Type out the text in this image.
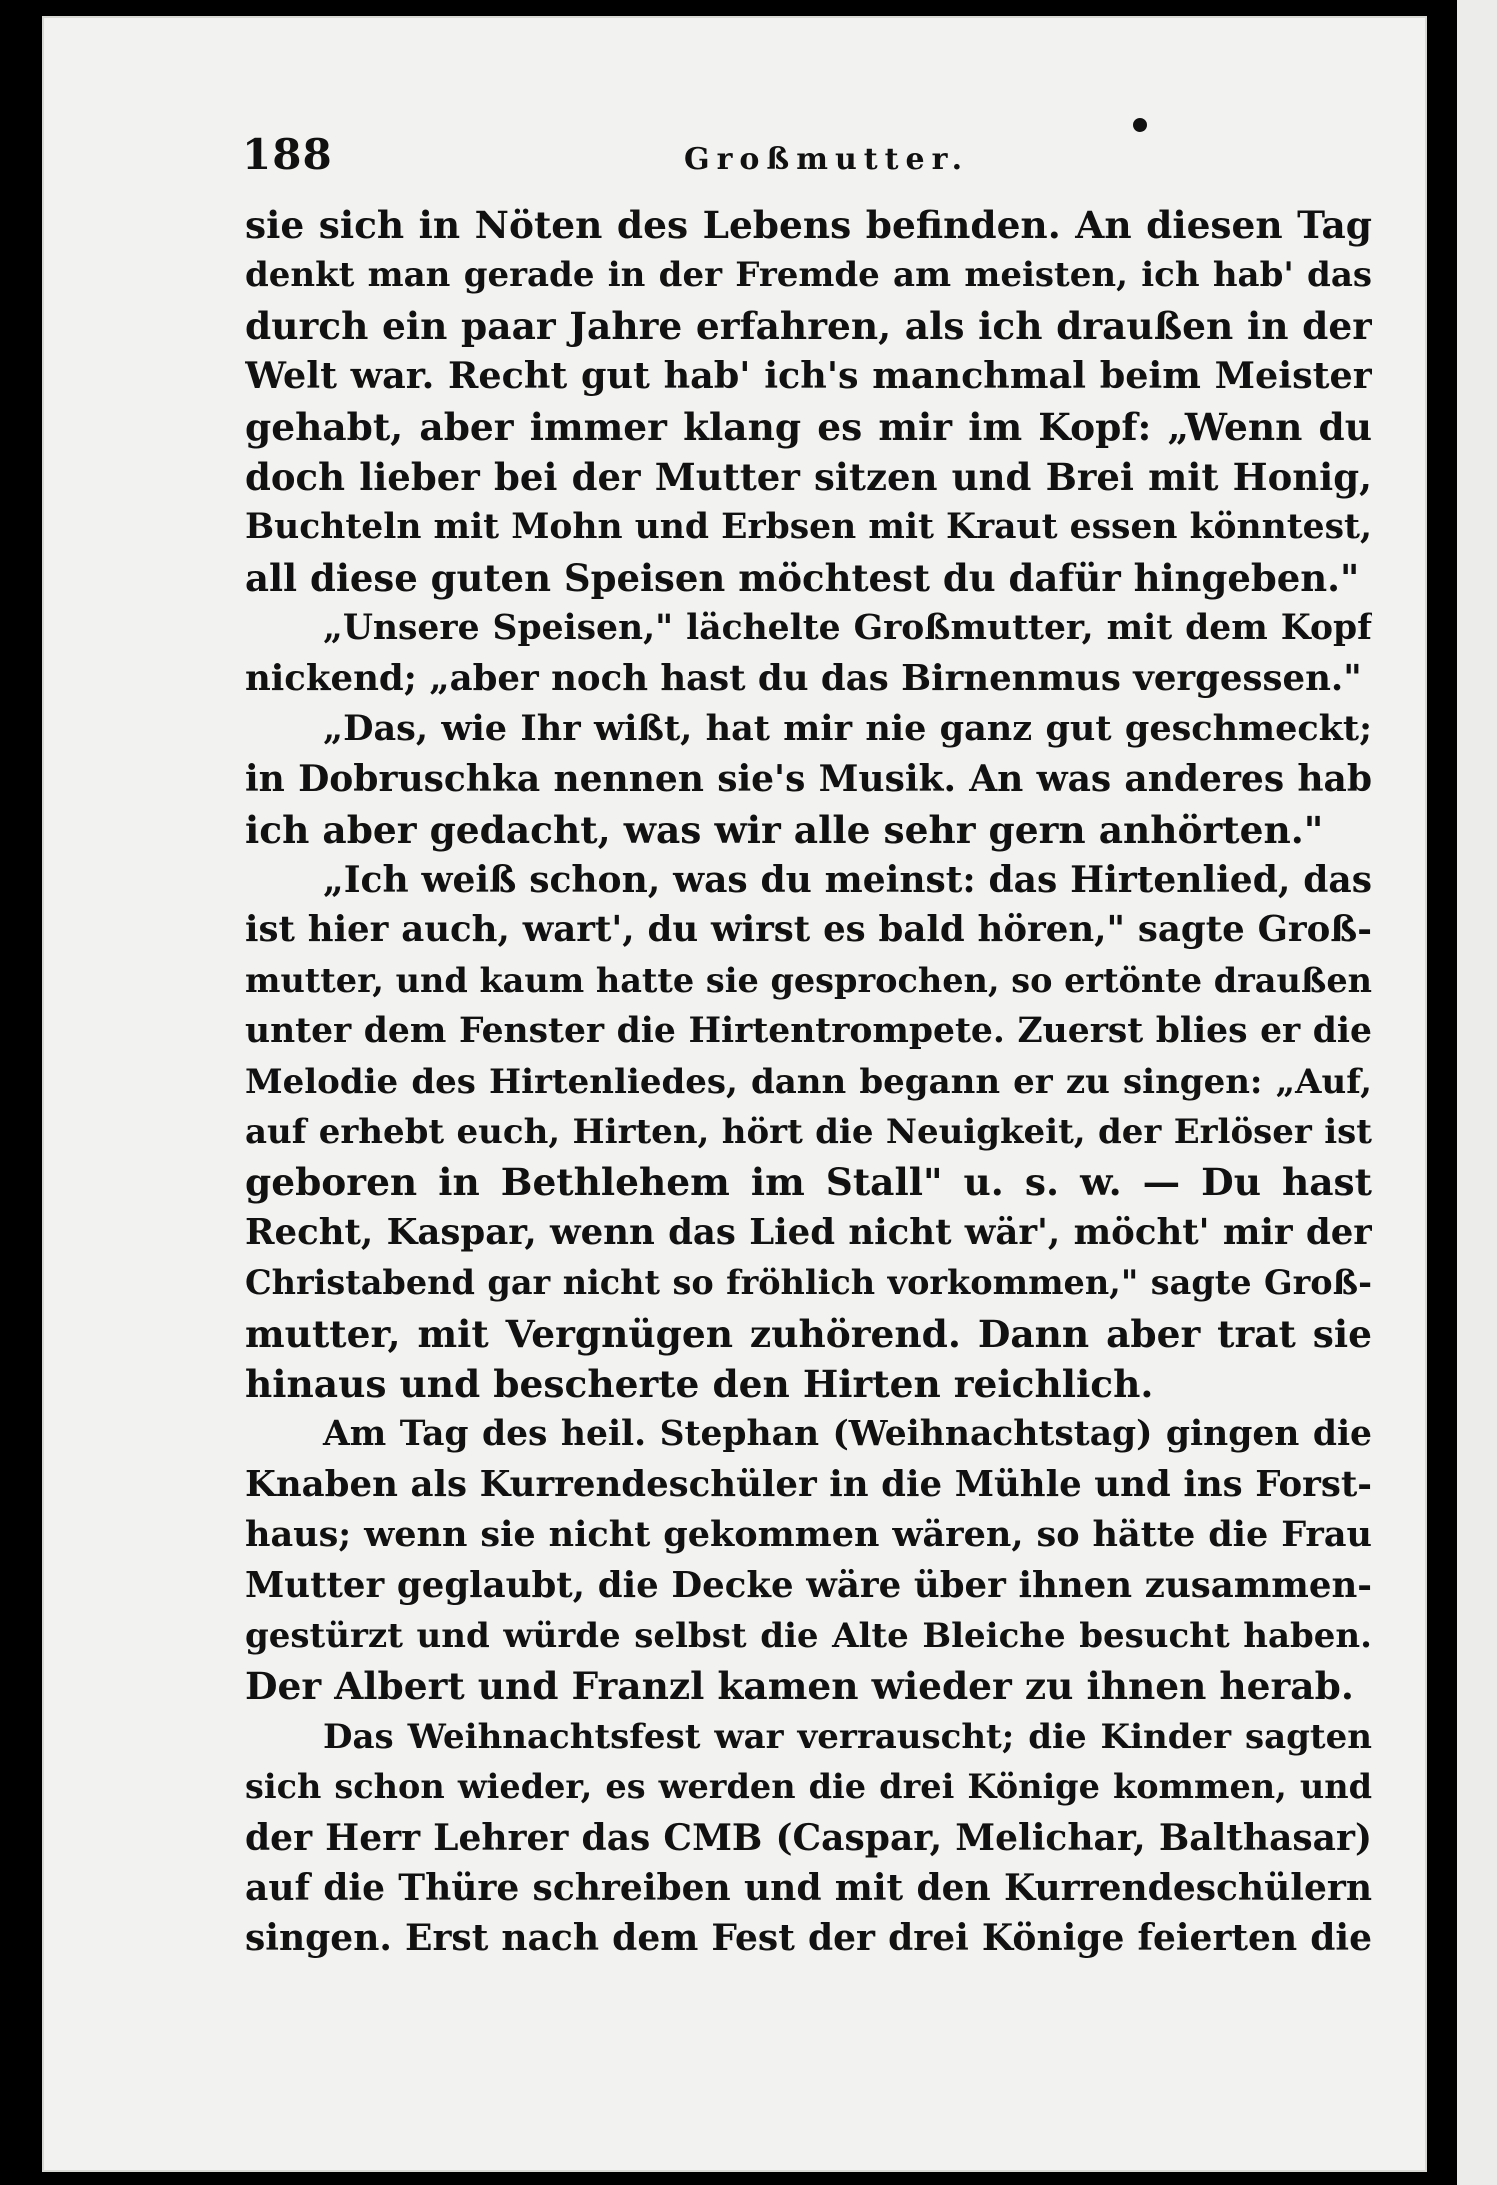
188	Großmutter.
sie sich in Nöten des Lebens befinden. An diesen Tag
denkt man gerade in der Fremde am meisten, ich hab' das
durch ein paar Jahre erfahren, als ich draußen in der
Welt war. Recht gut hab' ich's manchmal beim Meister
gehabt, aber immer klang es mir im Kopf: „Wenn du
doch lieber bei der Mutter sitzen und Brei mit Honig,
Buchteln mit Mohn und Erbsen mit Kraut essen könntest,
all diese guten Speisen möchtest du dafür hingeben."
„Unsere Speisen," lächelte Großmutter, mit dem Kopf
nickend; „aber noch hast du das Birnenmus vergessen."
„Das, wie Ihr wißt, hat mir nie ganz gut geschmeckt;
in Dobruschka nennen sie's Musik. An was anderes hab
ich aber gedacht, was wir alle sehr gern anhörten."
„Ich weiß schon, was du meinst: das Hirtenlied, das
ist hier auch, wart', du wirst es bald hören," sagte Groß-
mutter, und kaum hatte sie gesprochen, so ertönte draußen
unter dem Fenster die Hirtentrompete. Zuerst blies er die
Melodie des Hirtenliedes, dann begann er zu singen: „Auf,
auf erhebt euch, Hirten, hört die Neuigkeit, der Erlöser ist
geboren in Bethlehem im Stall" u. s. w. — Du hast
Recht, Kaspar, wenn das Lied nicht wär', möcht' mir der
Christabend gar nicht so fröhlich vorkommen," sagte Groß-
mutter, mit Vergnügen zuhörend. Dann aber trat sie
hinaus und bescherte den Hirten reichlich.
Am Tag des heil. Stephan (Weihnachtstag) gingen die
Knaben als Kurrendeschüler in die Mühle und ins Forst-
haus; wenn sie nicht gekommen wären, so hätte die Frau
Mutter geglaubt, die Decke wäre über ihnen zusammen-
gestürzt und würde selbst die Alte Bleiche besucht haben.
Der Albert und Franzl kamen wieder zu ihnen herab.
Das Weihnachtsfest war verrauscht; die Kinder sagten
sich schon wieder, es werden die drei Könige kommen, und
der Herr Lehrer das CMB (Caspar, Melichar, Balthasar)
auf die Thüre schreiben und mit den Kurrendeschülern
singen. Erst nach dem Fest der drei Könige feierten die
